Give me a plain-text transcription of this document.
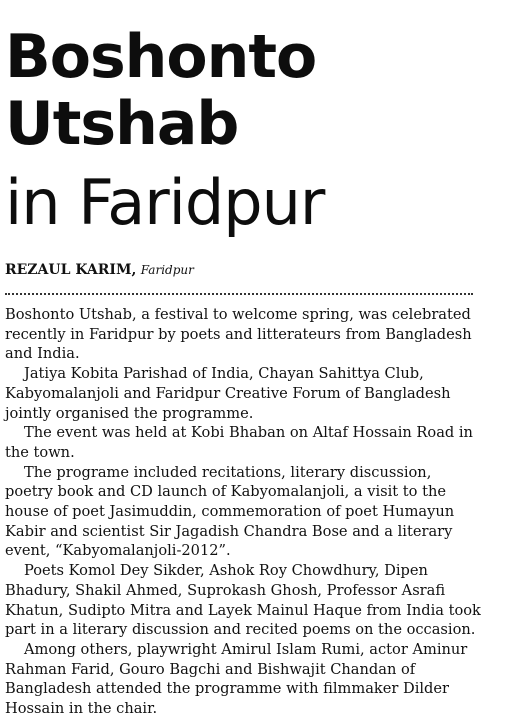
Boshonto
Utshab
in Faridpur
REZAUL KARIM, Faridpur

Boshonto Utshab, a festival to welcome spring, was celebrated
recently in Faridpur by poets and litterateurs from Bangladesh
and India.

Jatiya Kobita Parishad of India, Chayan Sahittya Club,
Kabyomalanjoli and Faridpur Creative Forum of Bangladesh
jointly organised the programme.

The event was held at Kobi Bhaban on Altaf Hossain Road in
the town.

The programe included recitations, literary discussion,
poetry book and CD launch of Kabyomalanjoli, a visit to the
house of poet Jasimuddin, commemoration of poet Humayun
Kabir and scientist Sir Jagadish Chandra Bose and a literary
event, “Kabyomalanjoli-2012”.

Poets Komol Dey Sikder, Ashok Roy Chowdhury, Dipen
Bhadury, Shakil Ahmed, Suprokash Ghosh, Professor Asrafi
Khatun, Sudipto Mitra and Layek Mainul Haque from India took
part in a literary discussion and recited poems on the occasion.

Among others, playwright Amirul Islam Rumi, actor Aminur
Rahman Farid, Gouro Bagchi and Bishwajit Chandan of
Bangladesh attended the programme with filmmaker Dilder
Hossain in the chair.
